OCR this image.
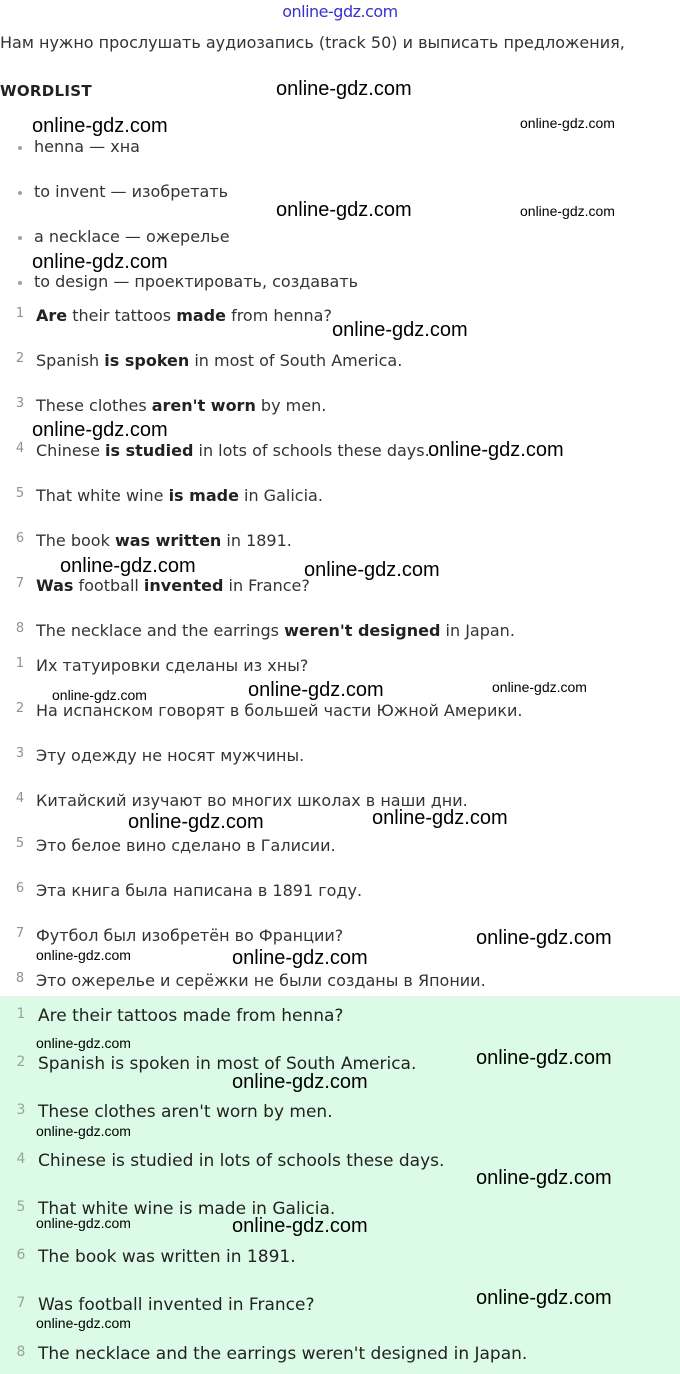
online-gdz.com
Нам нужно прослушать аудиозапись (track 50) и выписать предложения,
WORDLIST
henna — хна
to invent — изобретать
a necklace — ожерелье
to design — проектировать, создавать
1 Are their tattoos made from henna?
2 Spanish is spoken in most of South America.
3 These clothes aren't worn by men.
4 Chinese is studied in lots of schools these days.
5 That white wine is made in Galicia.
6 The book was written in 1891.
7 Was football invented in France?
8 The necklace and the earrings weren't designed in Japan.
1 Их татуировки сделаны из хны?
2 На испанском говорят в большей части Южной Америки.
3 Эту одежду не носят мужчины.
4 Китайский изучают во многих школах в наши дни.
5 Это белое вино сделано в Галисии.
6 Эта книга была написана в 1891 году.
7 Футбол был изобретён во Франции?
8 Это ожерелье и серёжки не были созданы в Японии.
1 Are their tattoos made from henna?
2 Spanish is spoken in most of South America.
3 These clothes aren't worn by men.
4 Chinese is studied in lots of schools these days.
5 That white wine is made in Galicia.
6 The book was written in 1891.
7 Was football invented in France?
8 The necklace and the earrings weren't designed in Japan.
online-gdz.com
online-gdz.com	online-gdz.com
online-gdz.com	online-gdz.com
online-gdz.com
online-gdz.com
online-gdz.com
online-gdz.com
online-gdz.com	online-gdz.com
online-gdz.com	online-gdz.com	online-gdz.com
online-gdz.com	online-gdz.com
online-gdz.com
online-gdz.com	online-gdz.com
online-gdz.com
online-gdz.com
online-gdz.com
online-gdz.com
online-gdz.com
online-gdz.com	online-gdz.com
online-gdz.com
online-gdz.com
